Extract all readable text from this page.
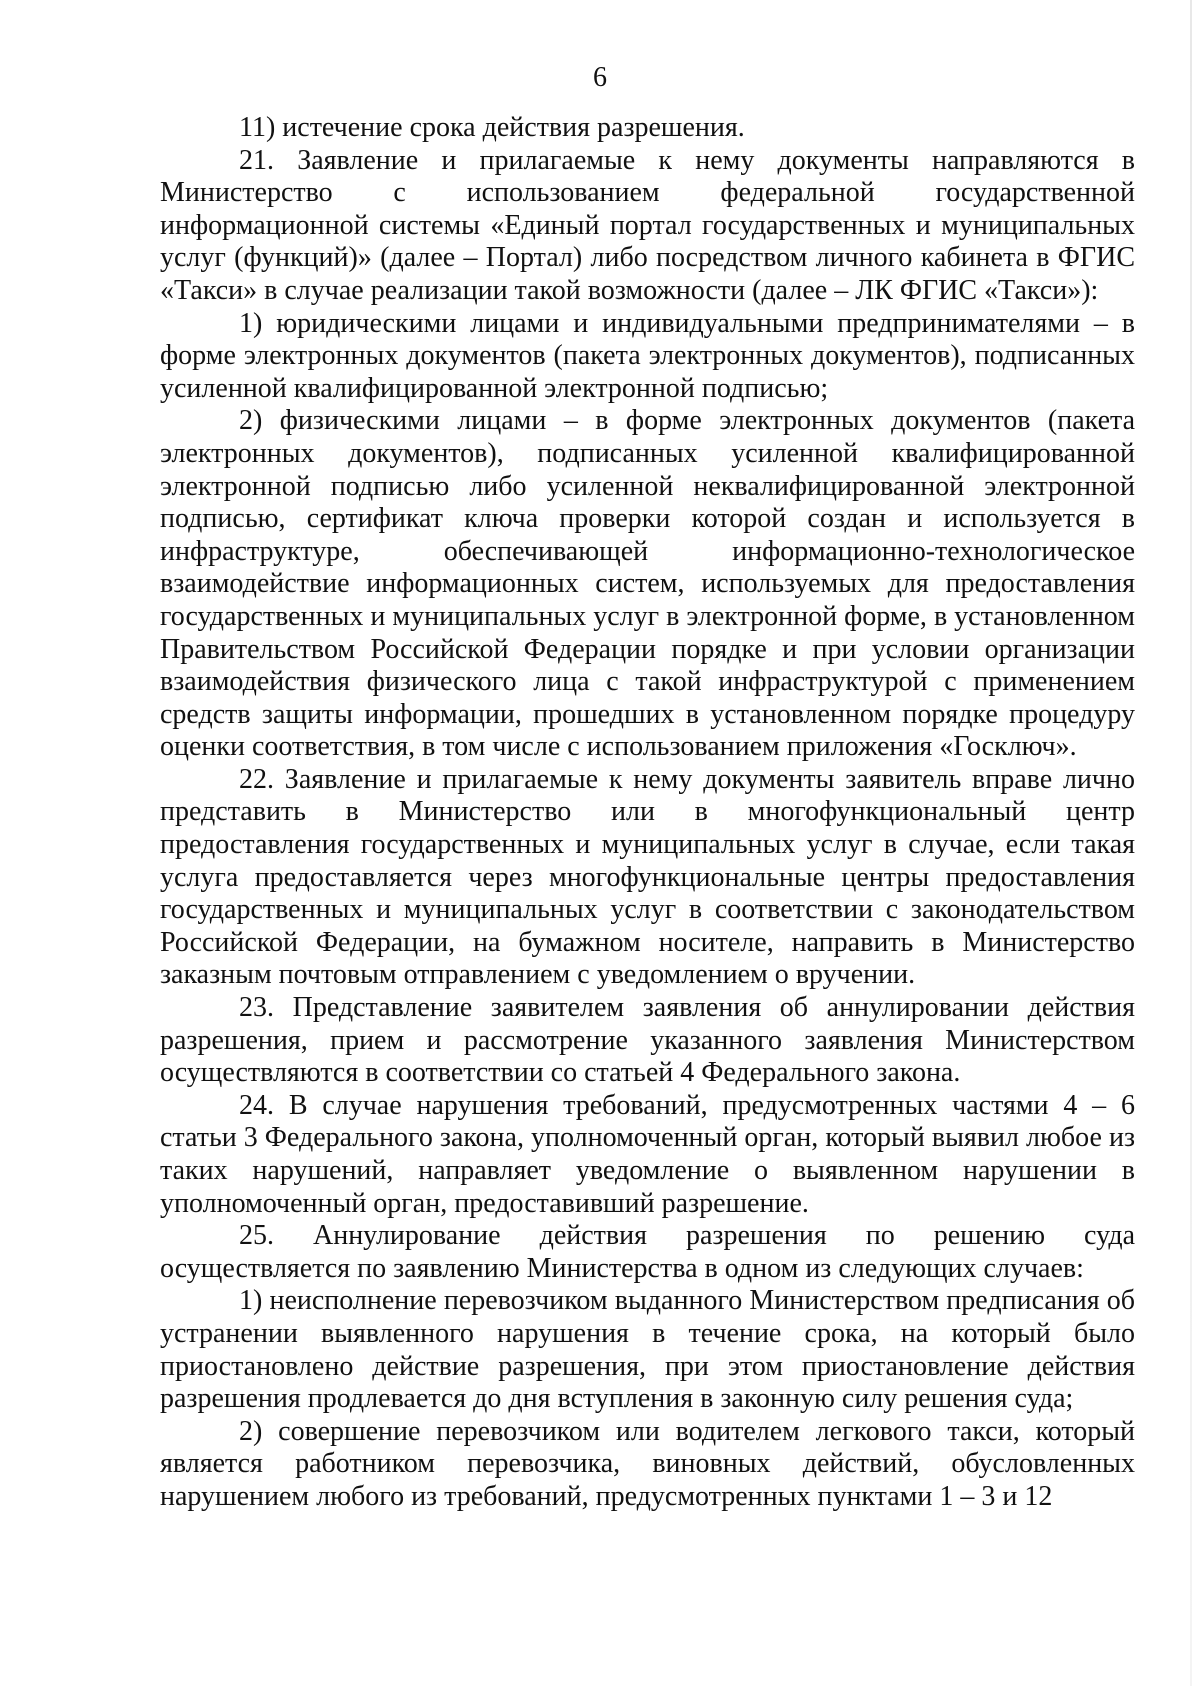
6

11) истечение срока действия разрешения.

21. Заявление и прилагаемые к нему документы направляются в Министерство с использованием федеральной государственной информационной системы «Единый портал государственных и муниципальных услуг (функций)» (далее – Портал) либо посредством личного кабинета в ФГИС «Такси» в случае реализации такой возможности (далее – ЛК ФГИС «Такси»):

1) юридическими лицами и индивидуальными предпринимателями – в форме электронных документов (пакета электронных документов), подписанных усиленной квалифицированной электронной подписью;

2) физическими лицами – в форме электронных документов (пакета электронных документов), подписанных усиленной квалифицированной электронной подписью либо усиленной неквалифицированной электронной подписью, сертификат ключа проверки которой создан и используется в инфраструктуре, обеспечивающей информационно-технологическое взаимодействие информационных систем, используемых для предоставления государственных и муниципальных услуг в электронной форме, в установленном Правительством Российской Федерации порядке и при условии организации взаимодействия физического лица с такой инфраструктурой с применением средств защиты информации, прошедших в установленном порядке процедуру оценки соответствия, в том числе с использованием приложения «Госключ».

22. Заявление и прилагаемые к нему документы заявитель вправе лично представить в Министерство или в многофункциональный центр предоставления государственных и муниципальных услуг в случае, если такая услуга предоставляется через многофункциональные центры предоставления государственных и муниципальных услуг в соответствии с законодательством Российской Федерации, на бумажном носителе, направить в Министерство заказным почтовым отправлением с уведомлением о вручении.

23. Представление заявителем заявления об аннулировании действия разрешения, прием и рассмотрение указанного заявления Министерством осуществляются в соответствии со статьей 4 Федерального закона.

24. В случае нарушения требований, предусмотренных частями 4 – 6 статьи 3 Федерального закона, уполномоченный орган, который выявил любое из таких нарушений, направляет уведомление о выявленном нарушении в уполномоченный орган, предоставивший разрешение.

25. Аннулирование действия разрешения по решению суда осуществляется по заявлению Министерства в одном из следующих случаев:

1) неисполнение перевозчиком выданного Министерством предписания об устранении выявленного нарушения в течение срока, на который было приостановлено действие разрешения, при этом приостановление действия разрешения продлевается до дня вступления в законную силу решения суда;

2) совершение перевозчиком или водителем легкового такси, который является работником перевозчика, виновных действий, обусловленных нарушением любого из требований, предусмотренных пунктами 1 – 3 и 12
